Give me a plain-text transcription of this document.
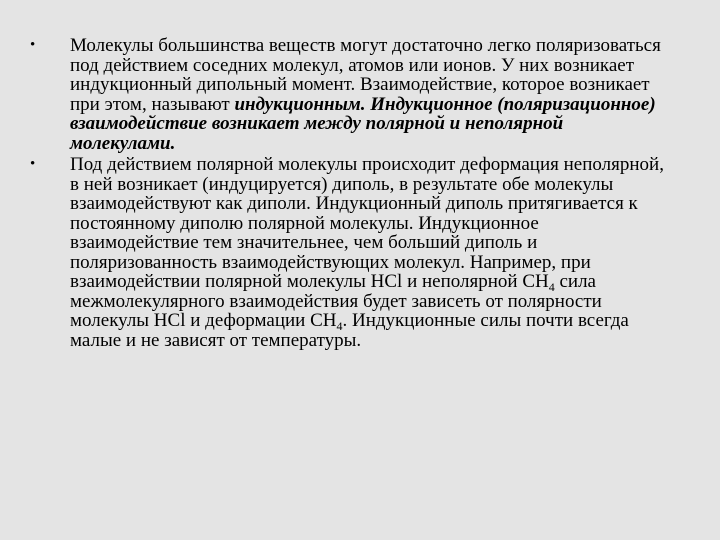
•	Молекулы большинства веществ могут достаточно легко поляризоваться под действием соседних молекул, атомов или ионов. У них возникает индукционный дипольный момент. Взаимодействие, которое возникает при этом, называют индукционным. Индукционное (поляризационное) взаимодействие возникает между полярной и неполярной молекулами.
•	Под действием полярной молекулы происходит деформация неполярной, в ней возникает (индуцируется) диполь, в результате обе молекулы взаимодействуют как диполи. Индукционный диполь притягивается к постоянному диполю полярной молекулы. Индукционное взаимодействие тем значительнее, чем больший диполь и поляризованность взаимодействующих молекул. Например, при взаимодействии полярной молекулы HCl и неполярной $CH_4$ сила межмолекулярного взаимодействия будет зависеть от полярности молекулы HCl и деформации $CH_4$. Индукционные силы почти всегда малые и не зависят от температуры.
